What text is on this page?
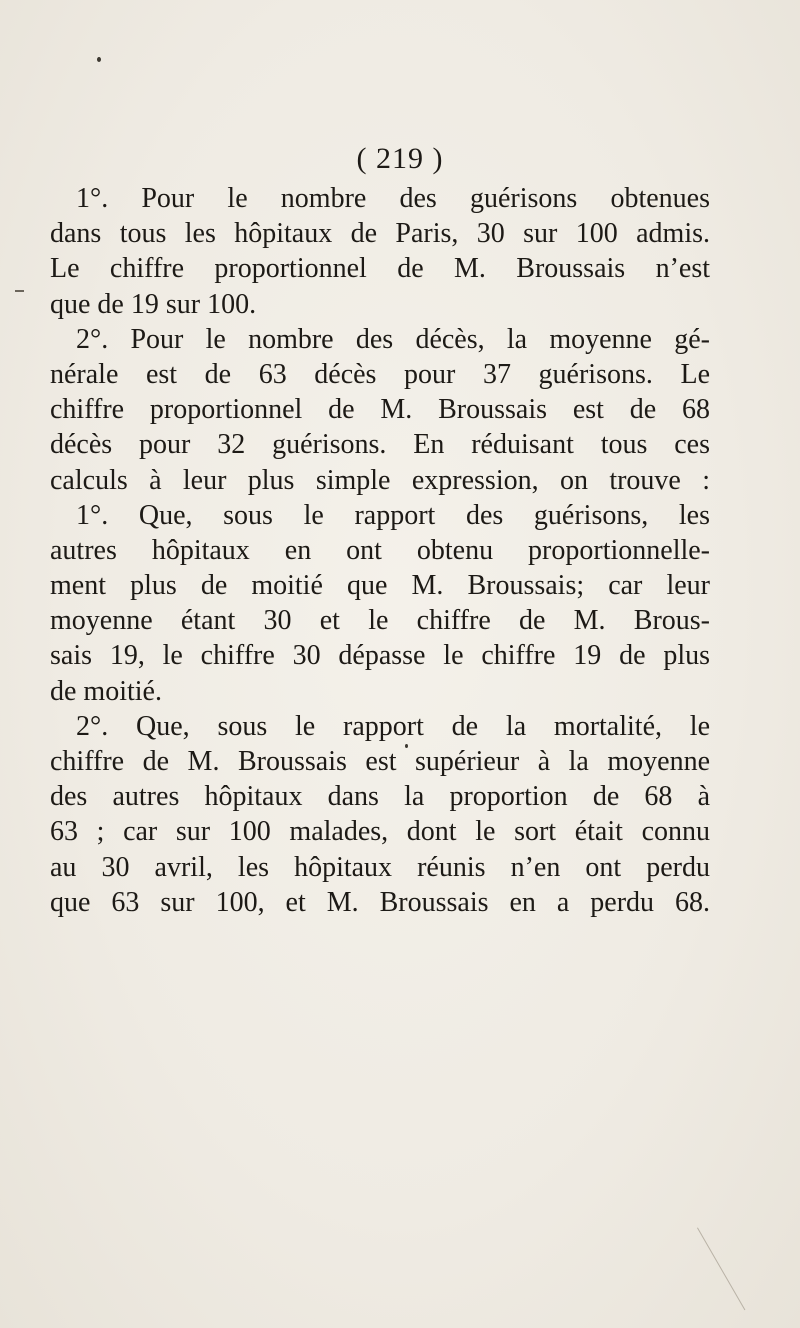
( 219 )
1°. Pour le nombre des guérisons obtenues
dans tous les hôpitaux de Paris, 30 sur 100 admis.
Le chiffre proportionnel de M. Broussais n’est
que de 19 sur 100.
2°. Pour le nombre des décès, la moyenne gé-
nérale est de 63 décès pour 37 guérisons. Le
chiffre proportionnel de M. Broussais est de 68
décès pour 32 guérisons. En réduisant tous ces
calculs à leur plus simple expression, on trouve :
1°. Que, sous le rapport des guérisons, les
autres hôpitaux en ont obtenu proportionnelle-
ment plus de moitié que M. Broussais; car leur
moyenne étant 30 et le chiffre de M. Brous-
sais 19, le chiffre 30 dépasse le chiffre 19 de plus
de moitié.
2°. Que, sous le rapport de la mortalité, le
chiffre de M. Broussais est supérieur à la moyenne
des autres hôpitaux dans la proportion de 68 à
63 ; car sur 100 malades, dont le sort était connu
au 30 avril, les hôpitaux réunis n’en ont perdu
que 63 sur 100, et M. Broussais en a perdu 68.
